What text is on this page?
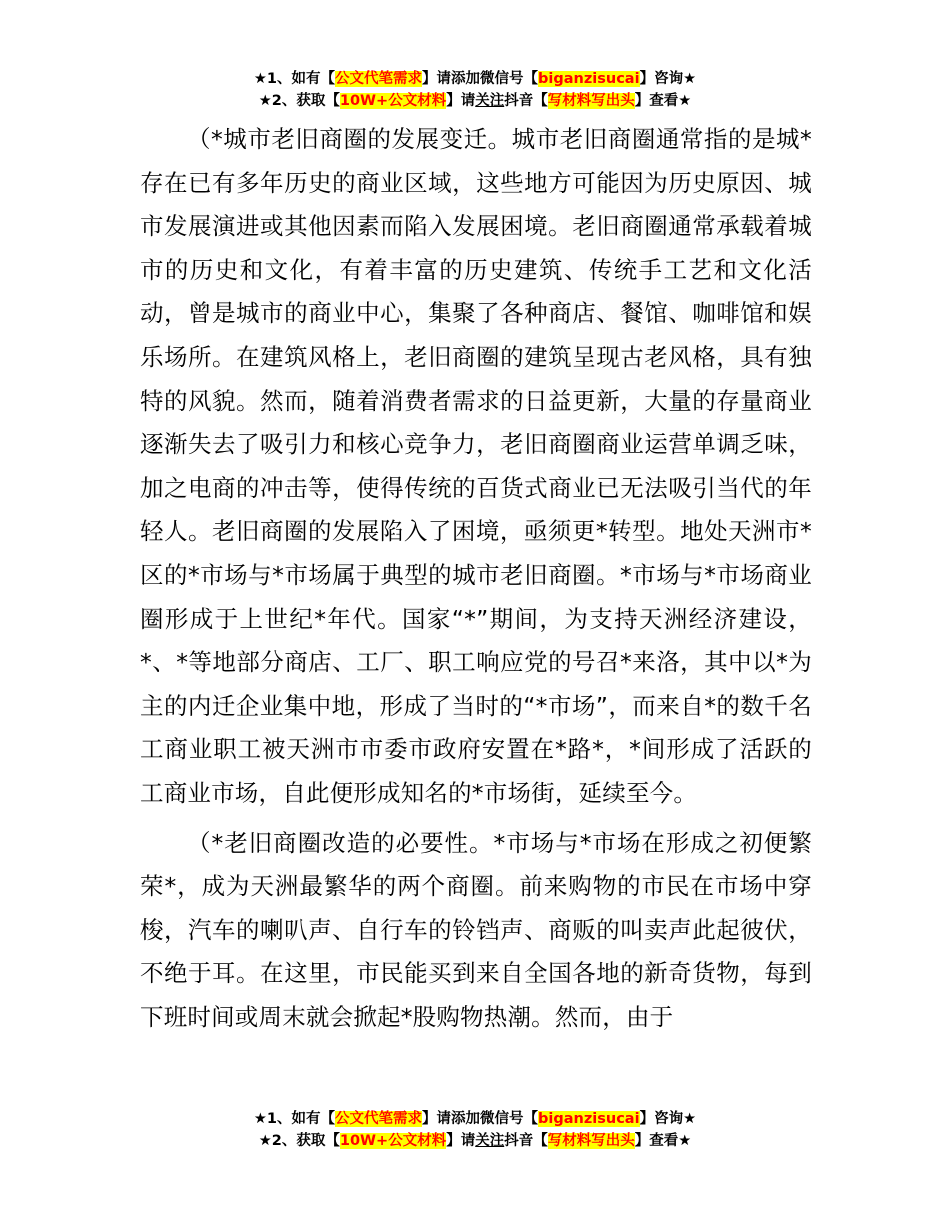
★1、如有【公文代笔需求】请添加微信号【biganzisucai】咨询★
★2、获取【10W+公文材料】请关注抖音【写材料写出头】查看★

（*城市老旧商圈的发展变迁。城市老旧商圈通常指的是城*存在已有多年历史的商业区域，这些地方可能因为历史原因、城市发展演进或其他因素而陷入发展困境。老旧商圈通常承载着城市的历史和文化，有着丰富的历史建筑、传统手工艺和文化活动，曾是城市的商业中心，集聚了各种商店、餐馆、咖啡馆和娱乐场所。在建筑风格上，老旧商圈的建筑呈现古老风格，具有独特的风貌。然而，随着消费者需求的日益更新，大量的存量商业逐渐失去了吸引力和核心竞争力，老旧商圈商业运营单调乏味，加之电商的冲击等，使得传统的百货式商业已无法吸引当代的年轻人。老旧商圈的发展陷入了困境，亟须更*转型。地处天洲市*区的*市场与*市场属于典型的城市老旧商圈。*市场与*市场商业圈形成于上世纪*年代。国家“*”期间，为支持天洲经济建设，*、*等地部分商店、工厂、职工响应党的号召*来洛，其中以*为主的内迁企业集中地，形成了当时的“*市场”，而来自*的数千名工商业职工被天洲市市委市政府安置在*路*，*间形成了活跃的工商业市场，自此便形成知名的*市场街，延续至今。

（*老旧商圈改造的必要性。*市场与*市场在形成之初便繁荣*，成为天洲最繁华的两个商圈。前来购物的市民在市场中穿梭，汽车的喇叭声、自行车的铃铛声、商贩的叫卖声此起彼伏，不绝于耳。在这里，市民能买到来自全国各地的新奇货物，每到下班时间或周末就会掀起*股购物热潮。然而，由于

★1、如有【公文代笔需求】请添加微信号【biganzisucai】咨询★
★2、获取【10W+公文材料】请关注抖音【写材料写出头】查看★
